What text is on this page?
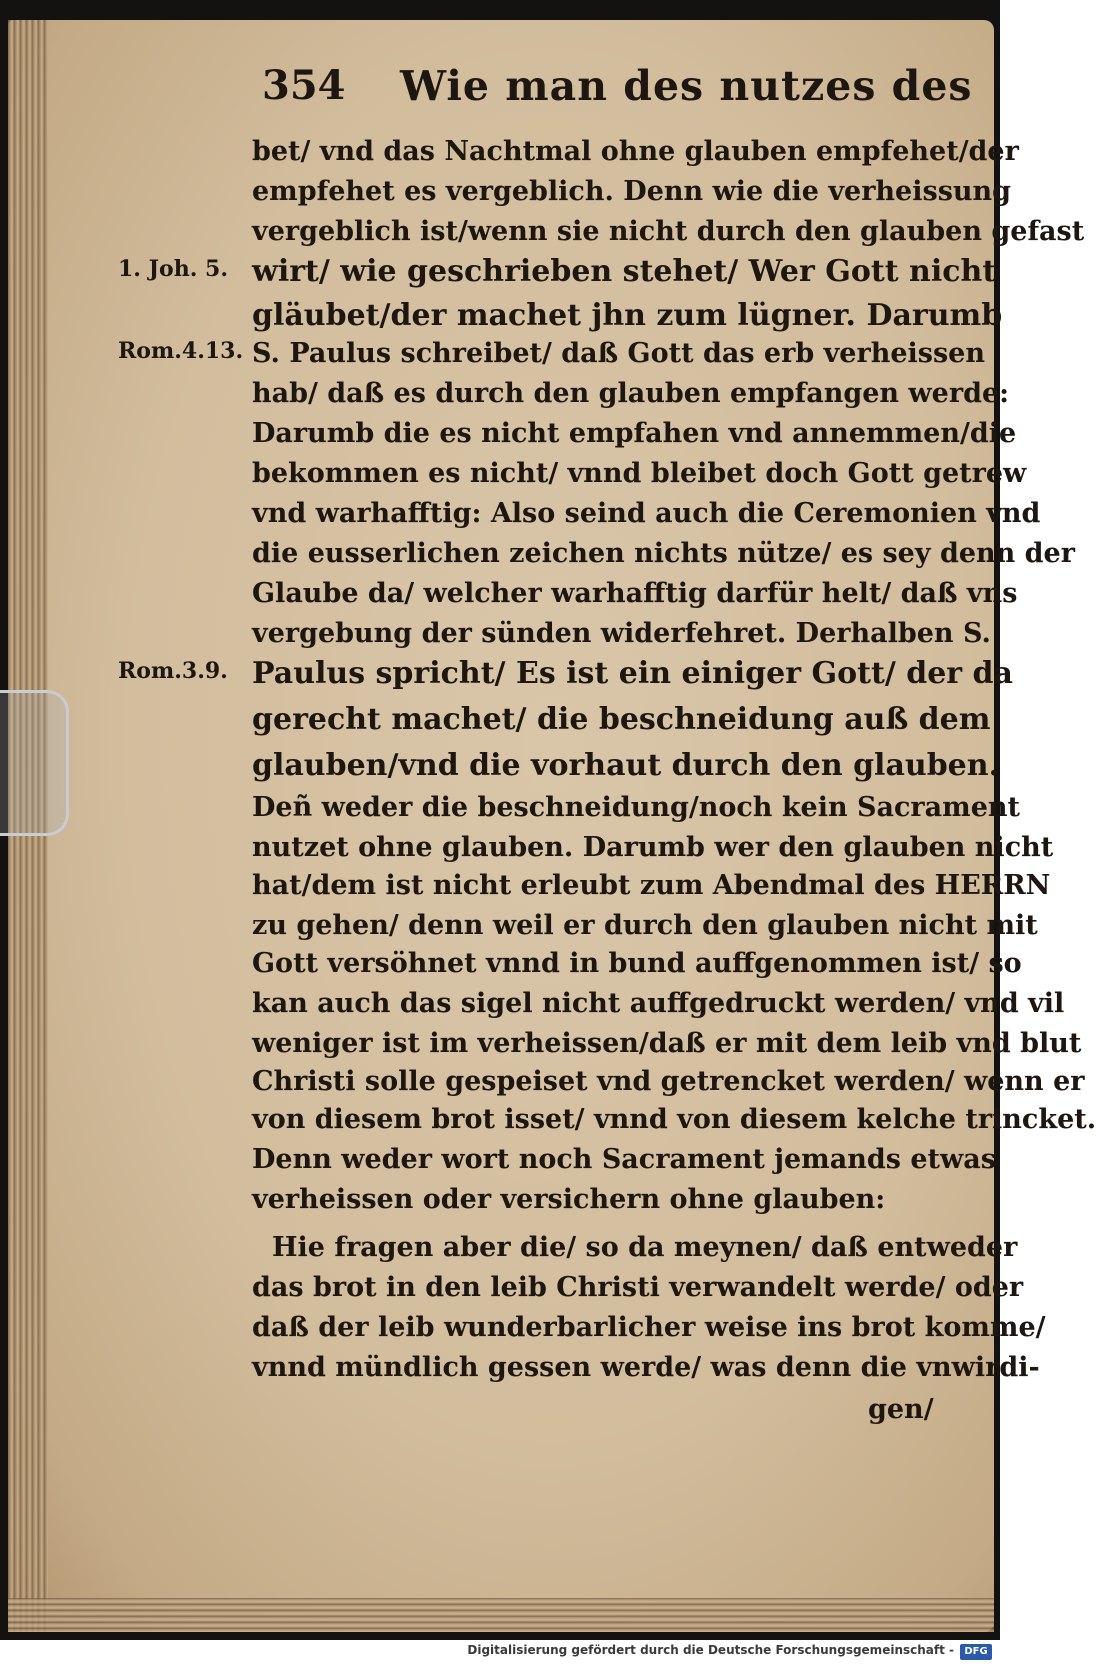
354 Wie man des nutzes des
1. Joh. 5.
Rom.4.13.
Rom.3.9.
bet/ vnd das Nachtmal ohne glauben empfehet/der
empfehet es vergeblich. Denn wie die verheissung
vergeblich ist/wenn sie nicht durch den glauben gefast
wirt/ wie geschrieben stehet/ Wer Gott nicht
gläubet/der machet jhn zum lügner. Darumb
S. Paulus schreibet/ daß Gott das erb verheissen
hab/ daß es durch den glauben empfangen werde:
Darumb die es nicht empfahen vnd annemmen/die
bekommen es nicht/ vnnd bleibet doch Gott getrew
vnd warhafftig: Also seind auch die Ceremonien vnd
die eusserlichen zeichen nichts nütze/ es sey denn der
Glaube da/ welcher warhafftig darfür helt/ daß vns
vergebung der sünden widerfehret. Derhalben S.
Paulus spricht/ Es ist ein einiger Gott/ der da
gerecht machet/ die beschneidung auß dem
glauben/vnd die vorhaut durch den glauben.
Deñ weder die beschneidung/noch kein Sacrament
nutzet ohne glauben. Darumb wer den glauben nicht
hat/dem ist nicht erleubt zum Abendmal des HERRN
zu gehen/ denn weil er durch den glauben nicht mit
Gott versöhnet vnnd in bund auffgenommen ist/ so
kan auch das sigel nicht auffgedruckt werden/ vnd vil
weniger ist im verheissen/daß er mit dem leib vnd blut
Christi solle gespeiset vnd getrencket werden/ wenn er
von diesem brot isset/ vnnd von diesem kelche trincket.
Denn weder wort noch Sacrament jemands etwas
verheissen oder versichern ohne glauben:
Hie fragen aber die/ so da meynen/ daß entweder
das brot in den leib Christi verwandelt werde/ oder
daß der leib wunderbarlicher weise ins brot komme/
vnnd mündlich gessen werde/ was denn die vnwirdi-
gen/
Digitalisierung gefördert durch die Deutsche Forschungsgemeinschaft -	DFG
